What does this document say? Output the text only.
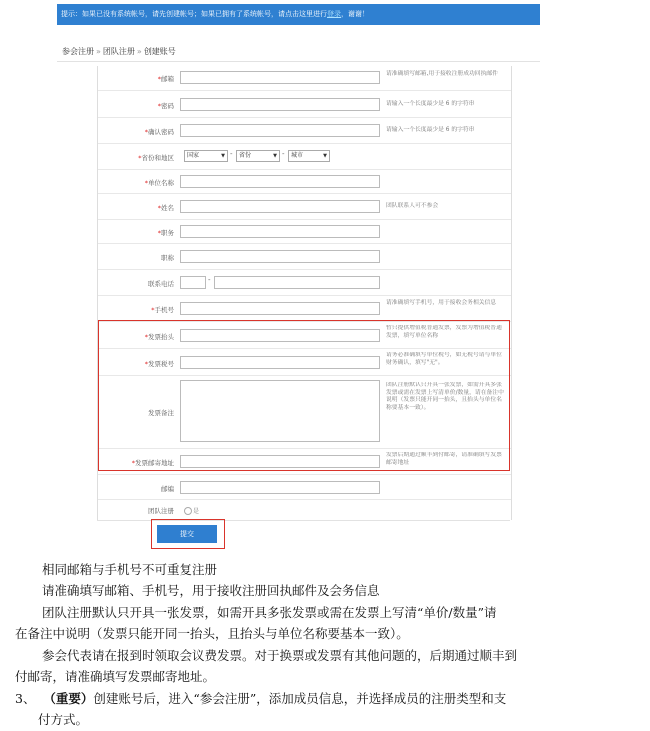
提示：如果已没有系统帐号，请先创建帐号；如果已拥有了系统帐号，请点击这里进行登录，谢谢！
参会注册 » 团队注册 » 创建账号
*邮箱
请准确填写邮箱,用于接收注册成功回执邮件
*密码	请输入一个长度最少是 6 的字符串
*确认密码	请输入一个长度最少是 6 的字符串
*省份和地区	国家	▼ -	省份	▼ -	城市	▼
*单位名称
*姓名	团队联系人可不参会
*职务
职称
联系电话	-
*手机号
请准确填写手机号，用于接收会务相关信息
*发票抬头
暂只提供增值税普通发票，发票为增值税普通发票，填写单位名称
*发票税号
请务必准确填写单位税号，如无税号请与单位财务确认，填写"无"。
发票备注
团队注册默认只开具一张发票，如需开具多张发票或需在发票上写清单价/数量，请在备注中说明（发票只能开同一抬头，且抬头与单位名称要基本一致）。
*发票邮寄地址
发票后期通过顺丰到付邮寄，请准确填写发票邮寄地址
邮编
团队注册	是
提交
相同邮箱与手机号不可重复注册
请准确填写邮箱、手机号，用于接收注册回执邮件及会务信息
团队注册默认只开具一张发票，如需开具多张发票或需在发票上写清“单价/数量”请
在备注中说明（发票只能开同一抬头，且抬头与单位名称要基本一致）。
参会代表请在报到时领取会议费发票。对于换票或发票有其他问题的，后期通过顺丰到
付邮寄，请准确填写发票邮寄地址。
3、 （重要）创建账号后，进入“参会注册”，添加成员信息，并选择成员的注册类型和支
付方式。
